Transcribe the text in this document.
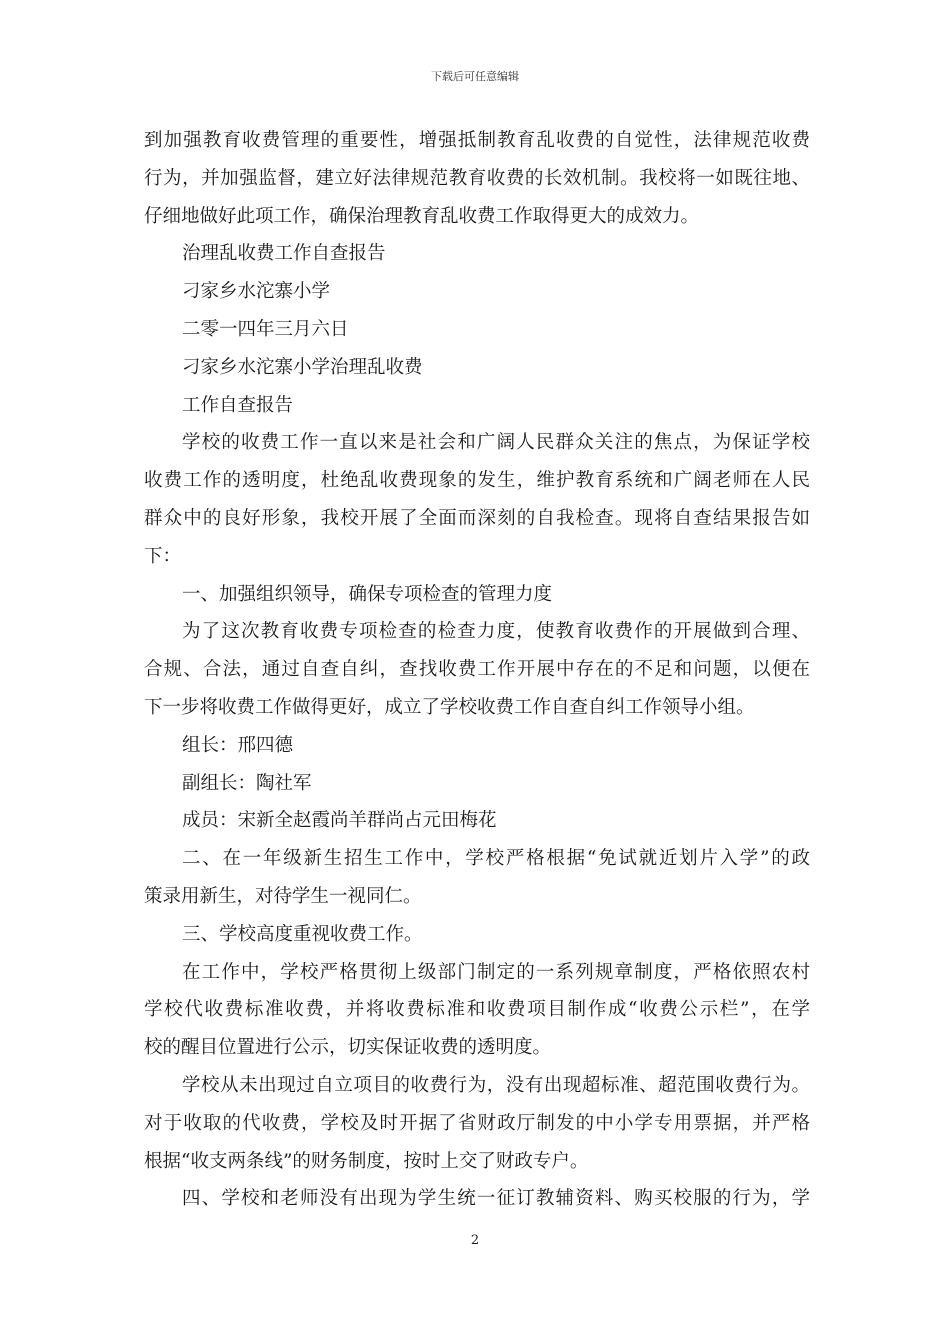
下载后可任意编辑
到加强教育收费管理的重要性，增强抵制教育乱收费的自觉性，法律规范收费
行为，并加强监督，建立好法律规范教育收费的长效机制。我校将一如既往地、
仔细地做好此项工作，确保治理教育乱收费工作取得更大的成效力。
治理乱收费工作自查报告
刁家乡水沱寨小学
二零一四年三月六日
刁家乡水沱寨小学治理乱收费
工作自查报告
学校的收费工作一直以来是社会和广阔人民群众关注的焦点，为保证学校
收费工作的透明度，杜绝乱收费现象的发生，维护教育系统和广阔老师在人民
群众中的良好形象，我校开展了全面而深刻的自我检查。现将自查结果报告如
下：
一、加强组织领导，确保专项检查的管理力度
为了这次教育收费专项检查的检查力度，使教育收费作的开展做到合理、
合规、合法，通过自查自纠，查找收费工作开展中存在的不足和问题，以便在
下一步将收费工作做得更好，成立了学校收费工作自查自纠工作领导小组。
组长：邢四德
副组长：陶社军
成员：宋新全赵霞尚羊群尚占元田梅花
二、在一年级新生招生工作中，学校严格根据“免试就近划片入学”的政
策录用新生，对待学生一视同仁。
三、学校高度重视收费工作。
在工作中，学校严格贯彻上级部门制定的一系列规章制度，严格依照农村
学校代收费标准收费，并将收费标准和收费项目制作成“收费公示栏”，在学
校的醒目位置进行公示，切实保证收费的透明度。
学校从未出现过自立项目的收费行为，没有出现超标准、超范围收费行为。
对于收取的代收费，学校及时开据了省财政厅制发的中小学专用票据，并严格
根据“收支两条线”的财务制度，按时上交了财政专户。
四、学校和老师没有出现为学生统一征订教辅资料、购买校服的行为，学
2
